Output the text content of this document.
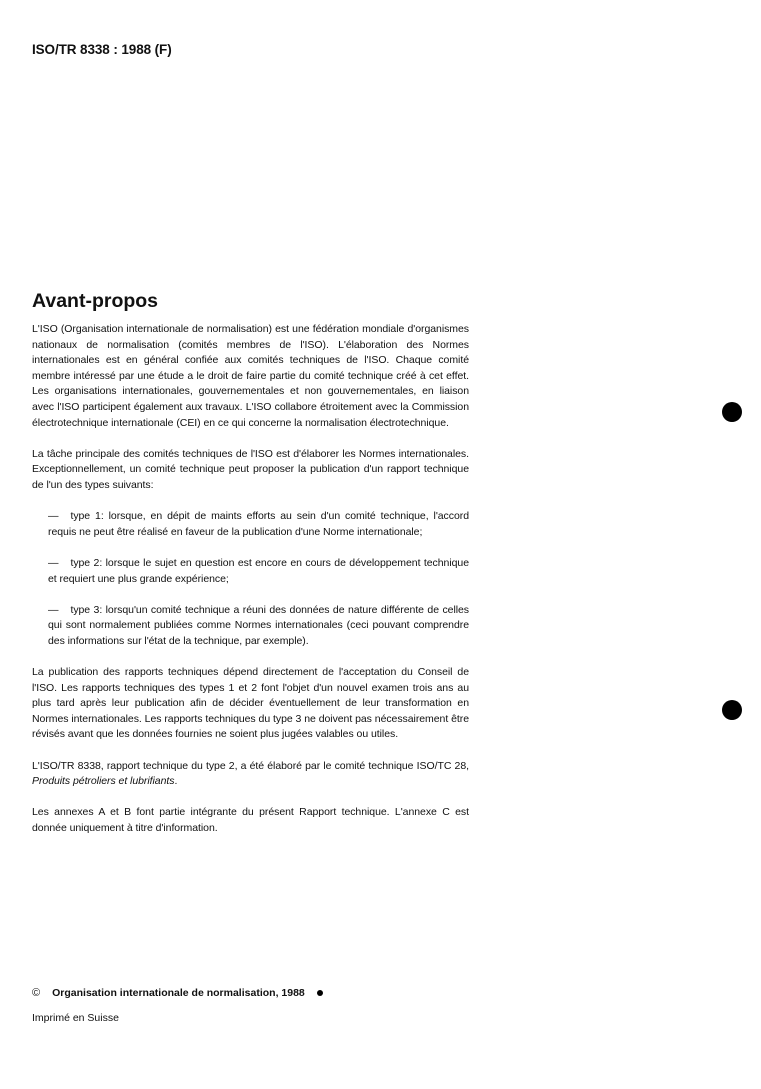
ISO/TR 8338 : 1988 (F)
Avant-propos

L'ISO (Organisation internationale de normalisation) est une fédération mondiale d'organismes nationaux de normalisation (comités membres de l'ISO). L'élaboration des Normes internationales est en général confiée aux comités techniques de l'ISO. Chaque comité membre intéressé par une étude a le droit de faire partie du comité technique créé à cet effet. Les organisations internationales, gouvernementales et non gouvernementales, en liaison avec l'ISO participent également aux travaux. L'ISO collabore étroitement avec la Commission électrotechnique internationale (CEI) en ce qui concerne la normalisation électrotechnique.

La tâche principale des comités techniques de l'ISO est d'élaborer les Normes internationales. Exceptionnellement, un comité technique peut proposer la publication d'un rapport technique de l'un des types suivants:

— type 1: lorsque, en dépit de maints efforts au sein d'un comité technique, l'accord requis ne peut être réalisé en faveur de la publication d'une Norme internationale;
— type 2: lorsque le sujet en question est encore en cours de développement technique et requiert une plus grande expérience;
— type 3: lorsqu'un comité technique a réuni des données de nature différente de celles qui sont normalement publiées comme Normes internationales (ceci pouvant comprendre des informations sur l'état de la technique, par exemple).

La publication des rapports techniques dépend directement de l'acceptation du Conseil de l'ISO. Les rapports techniques des types 1 et 2 font l'objet d'un nouvel examen trois ans au plus tard après leur publication afin de décider éventuellement de leur transformation en Normes internationales. Les rapports techniques du type 3 ne doivent pas nécessairement être révisés avant que les données fournies ne soient plus jugées valables ou utiles.

L'ISO/TR 8338, rapport technique du type 2, a été élaboré par le comité technique ISO/TC 28, Produits pétroliers et lubrifiants.

Les annexes A et B font partie intégrante du présent Rapport technique. L'annexe C est donnée uniquement à titre d'information.

© Organisation internationale de normalisation, 1988
Imprimé en Suisse
